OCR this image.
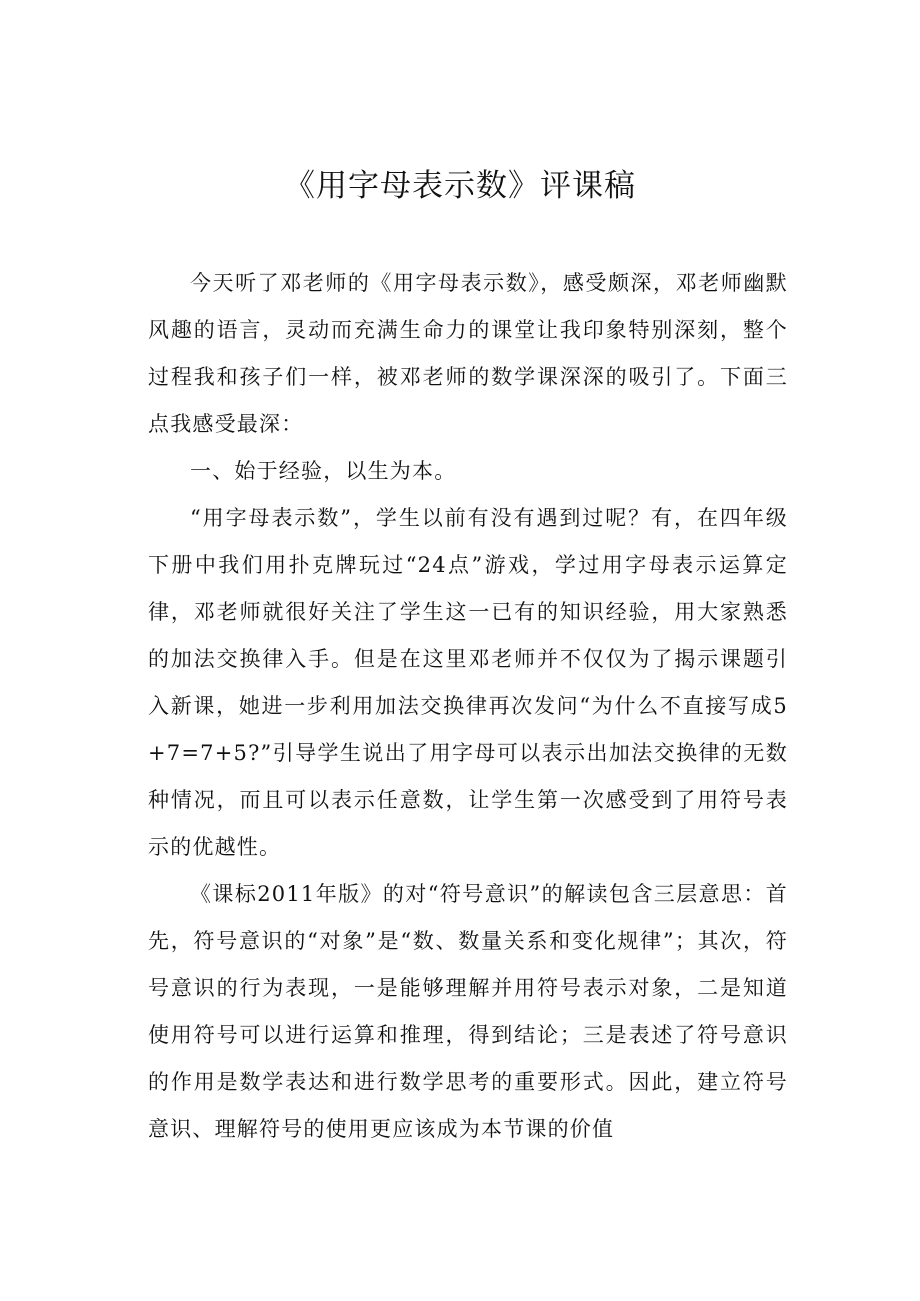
《用字母表示数》评课稿

今天听了邓老师的《用字母表示数》，感受颇深，邓老师幽默风趣的语言，灵动而充满生命力的课堂让我印象特别深刻，整个过程我和孩子们一样，被邓老师的数学课深深的吸引了。下面三点我感受最深：

一、始于经验，以生为本。

“用字母表示数”，学生以前有没有遇到过呢？有，在四年级下册中我们用扑克牌玩过“24点”游戏，学过用字母表示运算定律，邓老师就很好关注了学生这一已有的知识经验，用大家熟悉的加法交换律入手。但是在这里邓老师并不仅仅为了揭示课题引入新课，她进一步利用加法交换律再次发问“为什么不直接写成5+7=7+5?”引导学生说出了用字母可以表示出加法交换律的无数种情况，而且可以表示任意数，让学生第一次感受到了用符号表示的优越性。

《课标2011年版》的对“符号意识”的解读包含三层意思：首先，符号意识的“对象”是“数、数量关系和变化规律”；其次，符号意识的行为表现，一是能够理解并用符号表示对象，二是知道使用符号可以进行运算和推理，得到结论；三是表述了符号意识的作用是数学表达和进行数学思考的重要形式。因此，建立符号意识、理解符号的使用更应该成为本节课的价值
